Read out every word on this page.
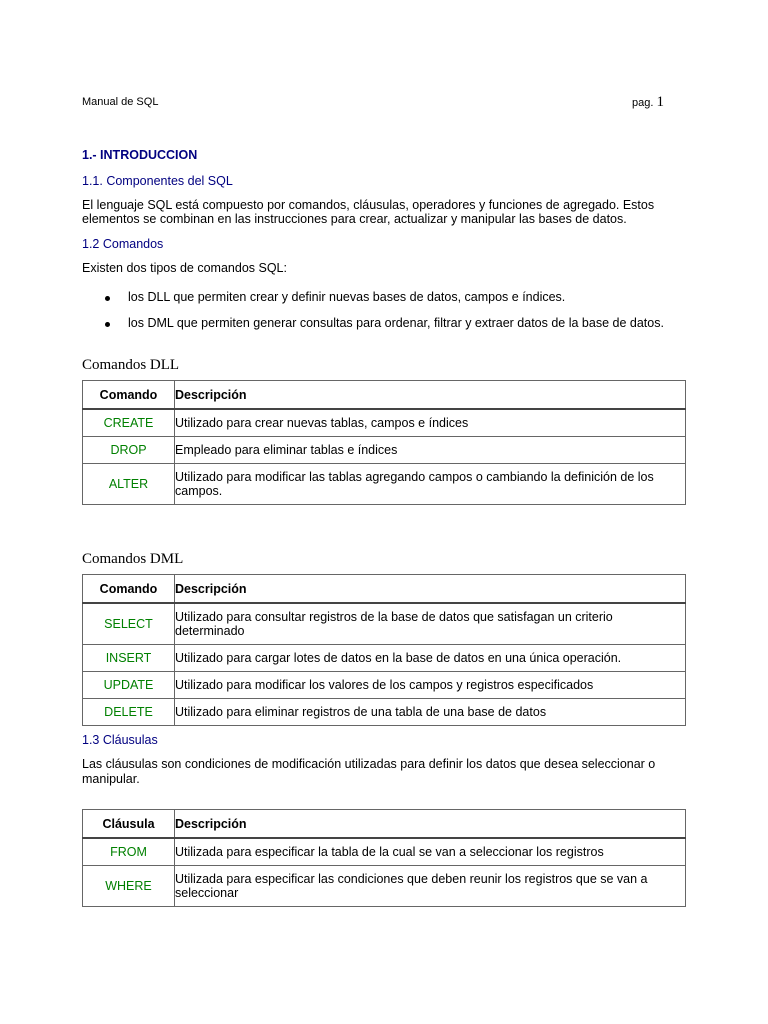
Manual de SQL	pag. 1
1.- INTRODUCCION
1.1. Componentes del SQL
El lenguaje SQL está compuesto por comandos, cláusulas, operadores y funciones de agregado. Estos elementos se combinan en las instrucciones para crear, actualizar y manipular las bases de datos.
1.2 Comandos
Existen dos tipos de comandos SQL:
los DLL que permiten crear y definir nuevas bases de datos, campos e índices.
los DML que permiten generar consultas para ordenar, filtrar y extraer datos de la base de datos.
Comandos DLL
Comando	Descripción
CREATE	Utilizado para crear nuevas tablas, campos e índices
DROP	Empleado para eliminar tablas e índices
ALTER	Utilizado para modificar las tablas agregando campos o cambiando la definición de los campos.
Comandos DML
Comando	Descripción
SELECT	Utilizado para consultar registros de la base de datos que satisfagan un criterio determinado
INSERT	Utilizado para cargar lotes de datos en la base de datos en una única operación.
UPDATE	Utilizado para modificar los valores de los campos y registros especificados
DELETE	Utilizado para eliminar registros de una tabla de una base de datos
1.3 Cláusulas
Las cláusulas son condiciones de modificación utilizadas para definir los datos que desea seleccionar o manipular.
Cláusula	Descripción
FROM	Utilizada para especificar la tabla de la cual se van a seleccionar los registros
WHERE	Utilizada para especificar las condiciones que deben reunir los registros que se van a seleccionar
